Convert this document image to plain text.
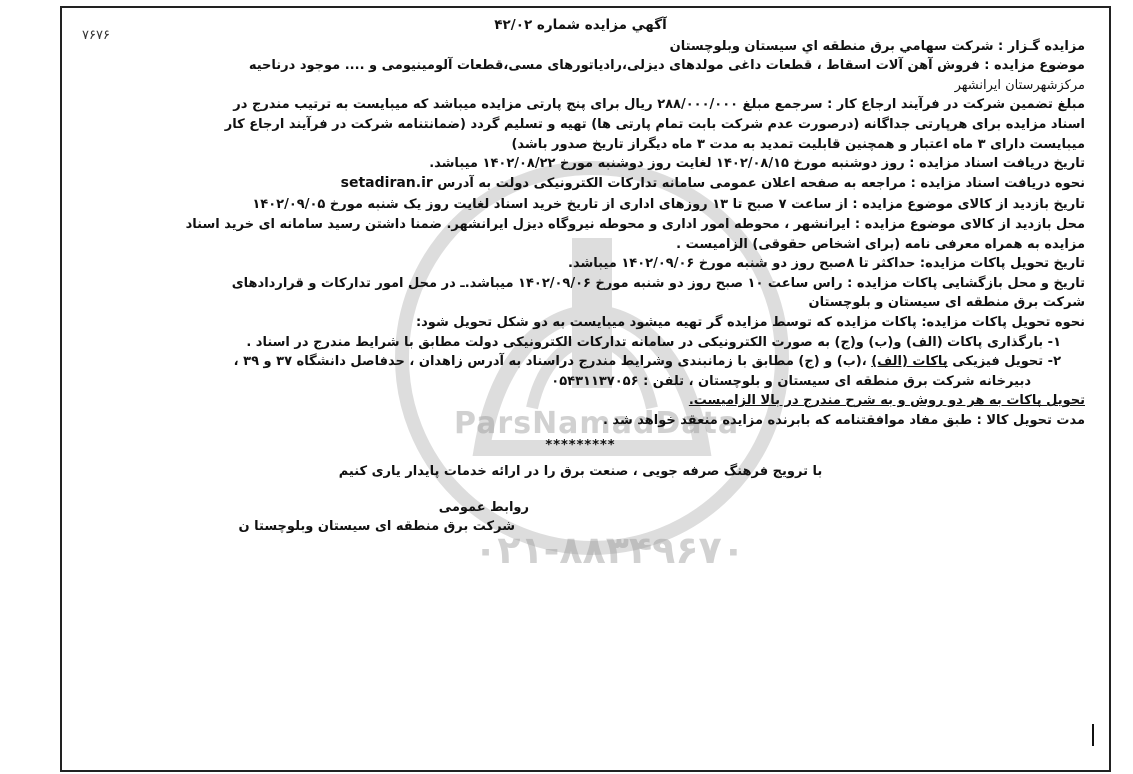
ParsNamadData
۰۲۱-۸۸۳۴۹۶۷۰
۷۶۷۶
آگهي مزايده شماره ۴۲/۰۲

مزايده گـزار : شركت سهامي برق منطقه اي سيستان وبلوچستان

موضوع مزايده : فروش آهن آلات اسقاط ، قطعات داغی مولدهای دیزلی،رادیاتورهای مسی،قطعات آلومینیومی و .... موجود درناحیه

مرکزشهرستان ایرانشهر

مبلغ تضمین شرکت در فرآیند ارجاع کار : سرجمع مبلغ ۲۸۸/۰۰۰/۰۰۰ ريال برای پنج پارتی مزایده میباشد که میبایست به ترتیب مندرج در

اسناد مزایده برای هرپارتی جداگانه (درصورت عدم شرکت بابت تمام پارتی ها) تهیه و تسلیم گردد (ضمانتنامه شرکت در فرآیند ارجاع کار

میبایست دارای ۳ ماه اعتبار و همچنین قابلیت تمدید به مدت ۳ ماه دیگراز تاریخ صدور باشد)

تاریخ دریافت اسناد مزایده : روز دوشنبه مورخ ۱۴۰۲/۰۸/۱۵ لغایت روز دوشنبه مورخ ۱۴۰۲/۰۸/۲۲ میباشد.

نحوه دریافت اسناد مزایده : مراجعه به صفحه اعلان عمومی سامانه تدارکات الکترونیکی دولت به آدرس setadiran.ir

تاریخ بازدید از کالای موضوع مزایده : از ساعت ۷ صبح تا ۱۳ روزهای اداری از تاریخ خرید اسناد لغایت روز یک شنبه مورخ ۱۴۰۲/۰۹/۰۵

محل بازدید از کالای موضوع مزایده : ایرانشهر ، محوطه امور اداری و محوطه نیروگاه دیزل ایرانشهر. ضمنا داشتن رسید سامانه ای خرید اسناد

مزایده به همراه معرفی نامه (برای اشخاص حقوقی) الزامیست .

تاریخ تحویل پاکات مزایده: حداکثر تا ۸صبح روز دو شنبه مورخ ۱۴۰۲/۰۹/۰۶ میباشد.

تاریخ و محل بازگشایی پاکات مزایده : راس ساعت ۱۰ صبح روز دو شنبه مورخ ۱۴۰۲/۰۹/۰۶ میباشد.ـ در محل امور تدارکات و قراردادهای

شرکت برق منطقه ای سیستان و بلوچستان

نحوه تحویل پاکات مزایده: پاکات مزایده که توسط مزایده گر تهیه میشود میبایست به دو شکل تحویل شود:

۱- بارگذاری پاکات (الف) و(ب) و(ج) به صورت الکترونیکی در سامانه تدارکات الکترونیکی دولت مطابق با شرایط مندرج در اسناد .

۲- تحویل فیزیکی پاکات (الف) ،(ب) و (ج) مطابق با زمانبندی وشرایط مندرج دراسناد به آدرس زاهدان ، حدفاصل دانشگاه ۳۷ و ۳۹ ،

دبیرخانه شرکت برق منطقه ای سیستان و بلوچستان ، تلفن : ۰۵۴۳۱۱۳۷۰۵۶

تحویل پاکات به هر دو روش و به شرح مندرج در بالا الزامیست.

مدت تحویل کالا : طبق مفاد موافقتنامه که بابرنده مزایده منعقد خواهد شد .

*********
با ترویج فرهنگ صرفه جویی ، صنعت برق را در ارائه خدمات پایدار یاری کنیم

روابط عمومی

شرکت برق منطقه ای سیستان وبلوچستا ن
